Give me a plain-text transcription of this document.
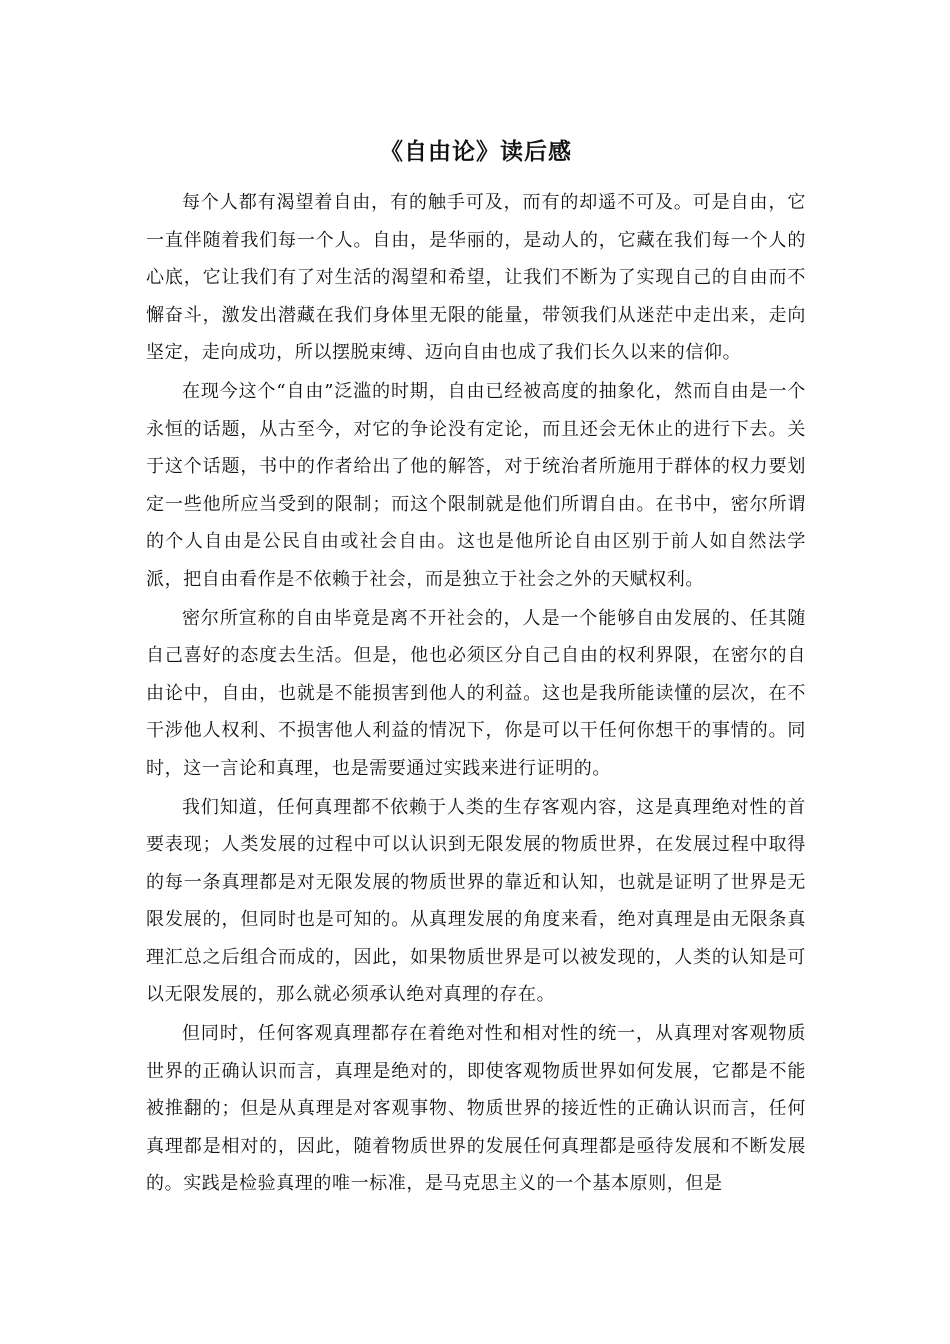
《自由论》读后感

每个人都有渴望着自由，有的触手可及，而有的却遥不可及。可是自由，它一直伴随着我们每一个人。自由，是华丽的，是动人的，它藏在我们每一个人的心底，它让我们有了对生活的渴望和希望，让我们不断为了实现自己的自由而不懈奋斗，激发出潜藏在我们身体里无限的能量，带领我们从迷茫中走出来，走向坚定，走向成功，所以摆脱束缚、迈向自由也成了我们长久以来的信仰。

在现今这个“自由”泛滥的时期，自由已经被高度的抽象化，然而自由是一个永恒的话题，从古至今，对它的争论没有定论，而且还会无休止的进行下去。关于这个话题，书中的作者给出了他的解答，对于统治者所施用于群体的权力要划定一些他所应当受到的限制；而这个限制就是他们所谓自由。在书中，密尔所谓的个人自由是公民自由或社会自由。这也是他所论自由区别于前人如自然法学派，把自由看作是不依赖于社会，而是独立于社会之外的天赋权利。

密尔所宣称的自由毕竟是离不开社会的，人是一个能够自由发展的、任其随自己喜好的态度去生活。但是，他也必须区分自己自由的权利界限，在密尔的自由论中，自由，也就是不能损害到他人的利益。这也是我所能读懂的层次，在不干涉他人权利、不损害他人利益的情况下，你是可以干任何你想干的事情的。同时，这一言论和真理，也是需要通过实践来进行证明的。

我们知道，任何真理都不依赖于人类的生存客观内容，这是真理绝对性的首要表现；人类发展的过程中可以认识到无限发展的物质世界，在发展过程中取得的每一条真理都是对无限发展的物质世界的靠近和认知，也就是证明了世界是无限发展的，但同时也是可知的。从真理发展的角度来看，绝对真理是由无限条真理汇总之后组合而成的，因此，如果物质世界是可以被发现的，人类的认知是可以无限发展的，那么就必须承认绝对真理的存在。

但同时，任何客观真理都存在着绝对性和相对性的统一，从真理对客观物质世界的正确认识而言，真理是绝对的，即使客观物质世界如何发展，它都是不能被推翻的；但是从真理是对客观事物、物质世界的接近性的正确认识而言，任何真理都是相对的，因此，随着物质世界的发展任何真理都是亟待发展和不断发展的。实践是检验真理的唯一标准，是马克思主义的一个基本原则，但是
